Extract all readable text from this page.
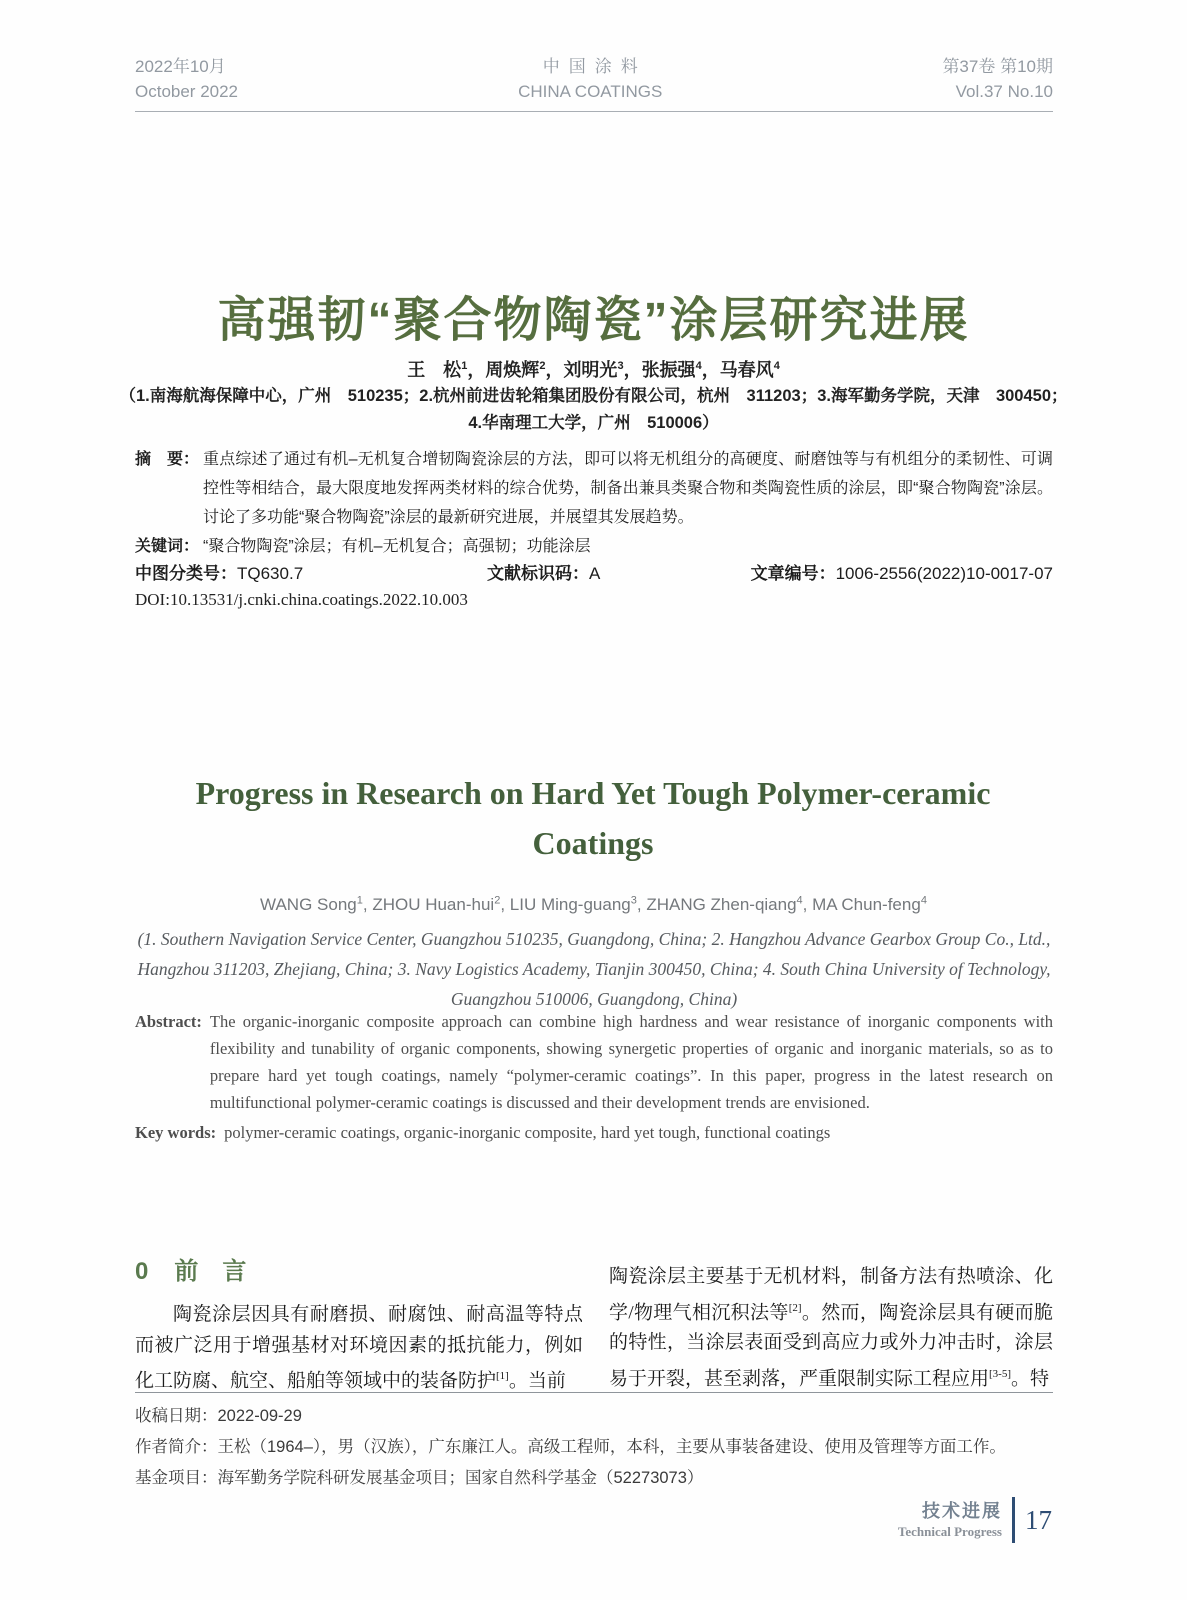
2022年10月
October 2022
中国涂料
CHINA COATINGS
第37卷 第10期
Vol.37 No.10
高强韧“聚合物陶瓷”涂层研究进展
王　松$^1$，周焕辉$^2$，刘明光$^3$，张振强$^4$，马春风$^4$
（1.南海航海保障中心，广州　510235；2.杭州前进齿轮箱集团股份有限公司，杭州　311203；3.海军勤务学院，天津　300450；
4.华南理工大学，广州　510006）
摘　要： 重点综述了通过有机–无机复合增韧陶瓷涂层的方法，即可以将无机组分的高硬度、耐磨蚀等与有机组分的柔韧性、可调控性等相结合，最大限度地发挥两类材料的综合优势，制备出兼具类聚合物和类陶瓷性质的涂层，即“聚合物陶瓷”涂层。讨论了多功能“聚合物陶瓷”涂层的最新研究进展，并展望其发展趋势。
关键词： “聚合物陶瓷”涂层；有机–无机复合；高强韧；功能涂层
中图分类号：TQ630.7	文献标识码：A	文章编号：1006-2556(2022)10-0017-07
DOI:10.13531/j.cnki.china.coatings.2022.10.003
Progress in Research on Hard Yet Tough Polymer-ceramic Coatings
WANG Song$^1$, ZHOU Huan-hui$^2$, LIU Ming-guang$^3$, ZHANG Zhen-qiang$^4$, MA Chun-feng$^4$
(1. Southern Navigation Service Center, Guangzhou 510235, Guangdong, China; 2. Hangzhou Advance Gearbox Group Co., Ltd., Hangzhou 311203, Zhejiang, China; 3. Navy Logistics Academy, Tianjin 300450, China; 4. South China University of Technology, Guangzhou 510006, Guangdong, China)
Abstract: The organic-inorganic composite approach can combine high hardness and wear resistance of inorganic components with flexibility and tunability of organic components, showing synergetic properties of organic and inorganic materials, so as to prepare hard yet tough coatings, namely “polymer-ceramic coatings”. In this paper, progress in the latest research on multifunctional polymer-ceramic coatings is discussed and their development trends are envisioned.
Key words: polymer-ceramic coatings, organic-inorganic composite, hard yet tough, functional coatings
0 前　言

陶瓷涂层因具有耐磨损、耐腐蚀、耐高温等特点而被广泛用于增强基材对环境因素的抵抗能力，例如化工防腐、航空、船舶等领域中的装备防护[1]。当前

陶瓷涂层主要基于无机材料，制备方法有热喷涂、化学/物理气相沉积法等[2]。然而，陶瓷涂层具有硬而脆的特性，当涂层表面受到高应力或外力冲击时，涂层易于开裂，甚至剥落，严重限制实际工程应用[3-5]。特

收稿日期：2022-09-29
作者简介：王松（1964–），男（汉族），广东廉江人。高级工程师，本科，主要从事装备建设、使用及管理等方面工作。
基金项目：海军勤务学院科研发展基金项目；国家自然科学基金（52273073）
技术进展
Technical Progress 17
